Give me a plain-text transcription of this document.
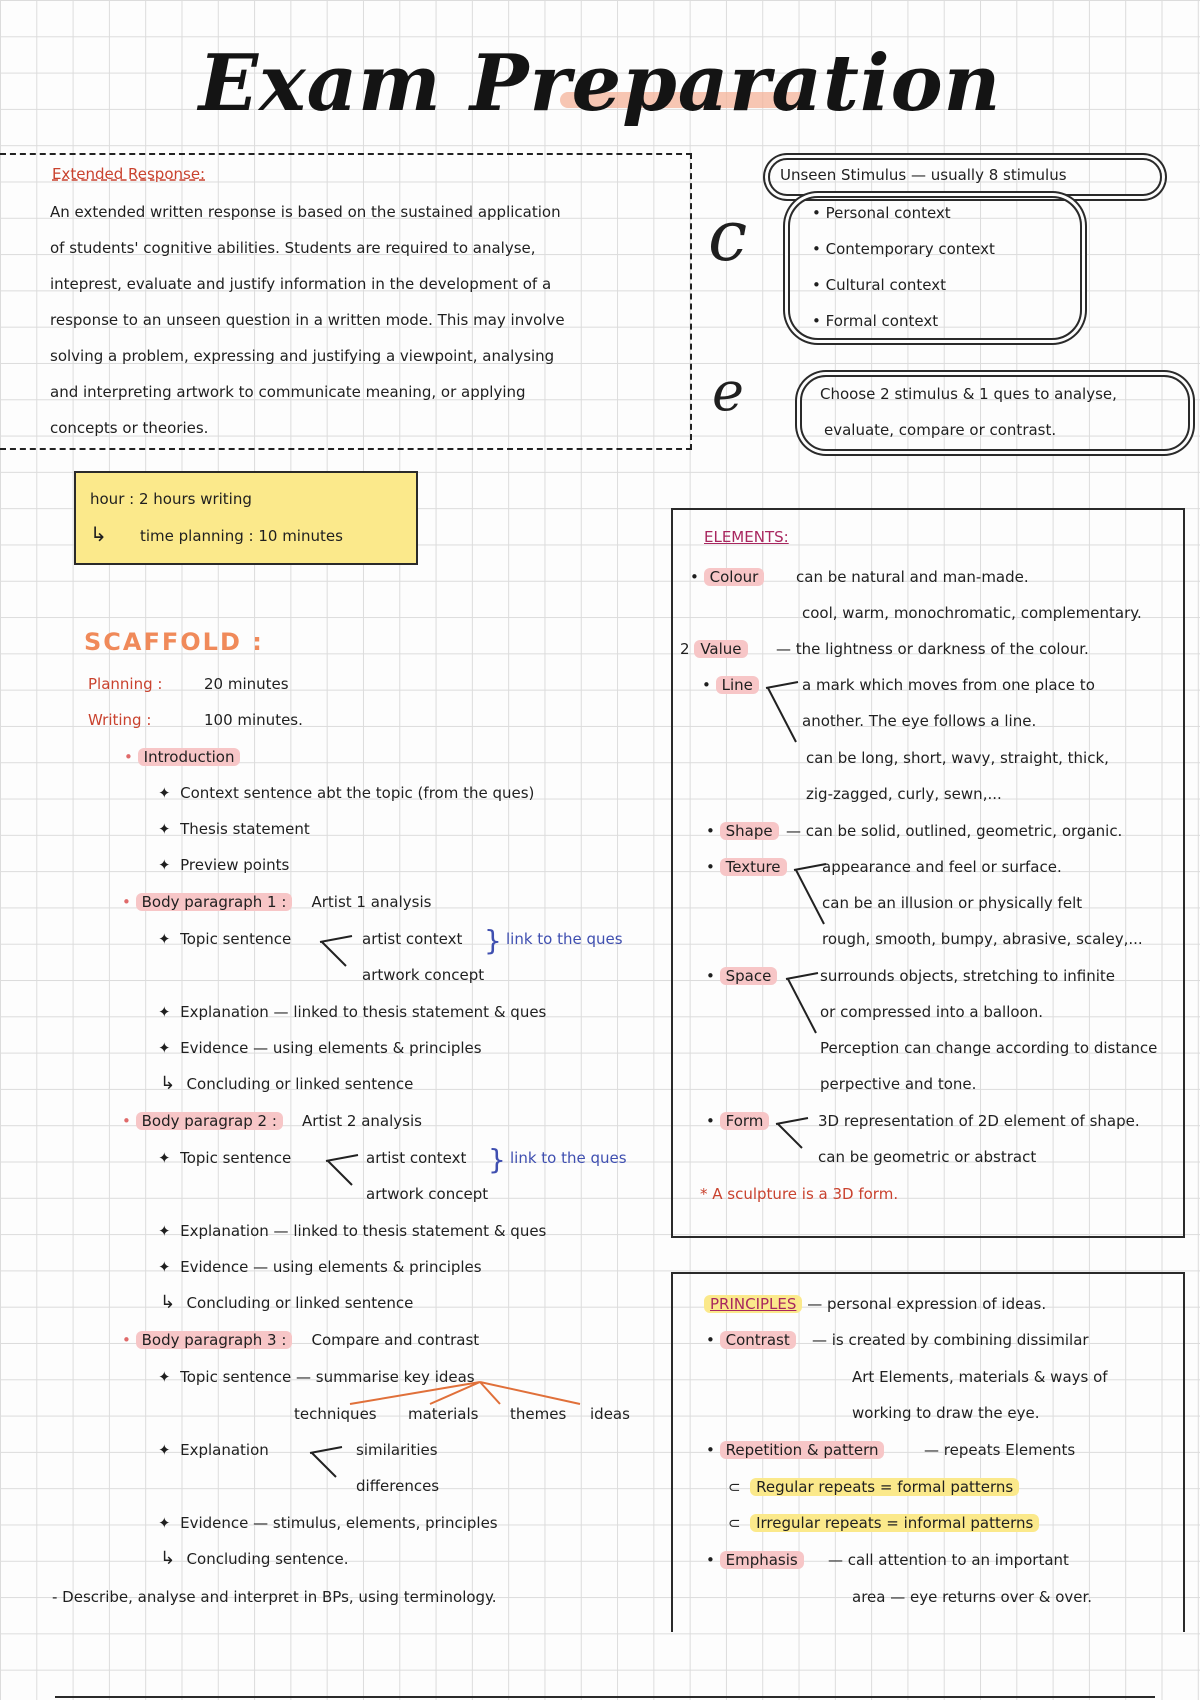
Exam Preparation
Extended Response:
An extended written response is based on the sustained application
of students' cognitive abilities. Students are required to analyse,
inteprest, evaluate and justify information in the development of a
response to an unseen question in a written mode. This may involve
solving a problem, expressing and justifying a viewpoint, analysing
and interpreting artwork to communicate meaning, or applying
concepts or theories.
c
e
Unseen Stimulus — usually 8 stimulus
• Personal context
• Contemporary context
• Cultural context
• Formal context
Choose 2 stimulus & 1 ques to analyse,
evaluate, compare or contrast.
hour : 2 hours writing
↳ time planning : 10 minutes
SCAFFOLD :
Planning :	20 minutes
Writing :	100 minutes.
• Introduction
✦  Context sentence abt the topic (from the ques)
✦  Thesis statement
✦  Preview points
• Body paragraph 1 : Artist 1 analysis
✦  Topic sentence	artist context
artwork concept
} link to the ques
✦  Explanation — linked to thesis statement & ques
✦  Evidence — using elements & principles
↳ Concluding or linked sentence
• Body paragrap 2 : Artist 2 analysis
✦  Topic sentence	artist context
artwork concept
} link to the ques
✦  Explanation — linked to thesis statement & ques
✦  Evidence — using elements & principles
↳ Concluding or linked sentence
• Body paragraph 3 : Compare and contrast
✦  Topic sentence — summarise key ideas
techniques materials themes ideas
✦  Explanation	similarities
differences
✦  Evidence — stimulus, elements, principles
↳ Concluding sentence.
- Describe, analyse and interpret in BPs, using terminology.
ELEMENTS:
• Colour	can be natural and man-made.
cool, warm, monochromatic, complementary.
2 Value	— the lightness or darkness of the colour.
• Line	a mark which moves from one place to
another. The eye follows a line.
can be long, short, wavy, straight, thick,
zig-zagged, curly, sewn,...
• Shape — can be solid, outlined, geometric, organic.
• Texture	appearance and feel or surface.
can be an illusion or physically felt
rough, smooth, bumpy, abrasive, scaley,...
• Space	surrounds objects, stretching to infinite
or compressed into a balloon.
Perception can change according to distance
perpective and tone.
• Form	3D representation of 2D element of shape.
can be geometric or abstract
* A sculpture is a 3D form.
PRINCIPLES — personal expression of ideas.
• Contrast	— is created by combining dissimilar
Art Elements, materials & ways of
working to draw the eye.
• Repetition & pattern	— repeats Elements
⊂  Regular repeats = formal patterns
⊂  Irregular repeats = informal patterns
• Emphasis	— call attention to an important
area — eye returns over & over.
